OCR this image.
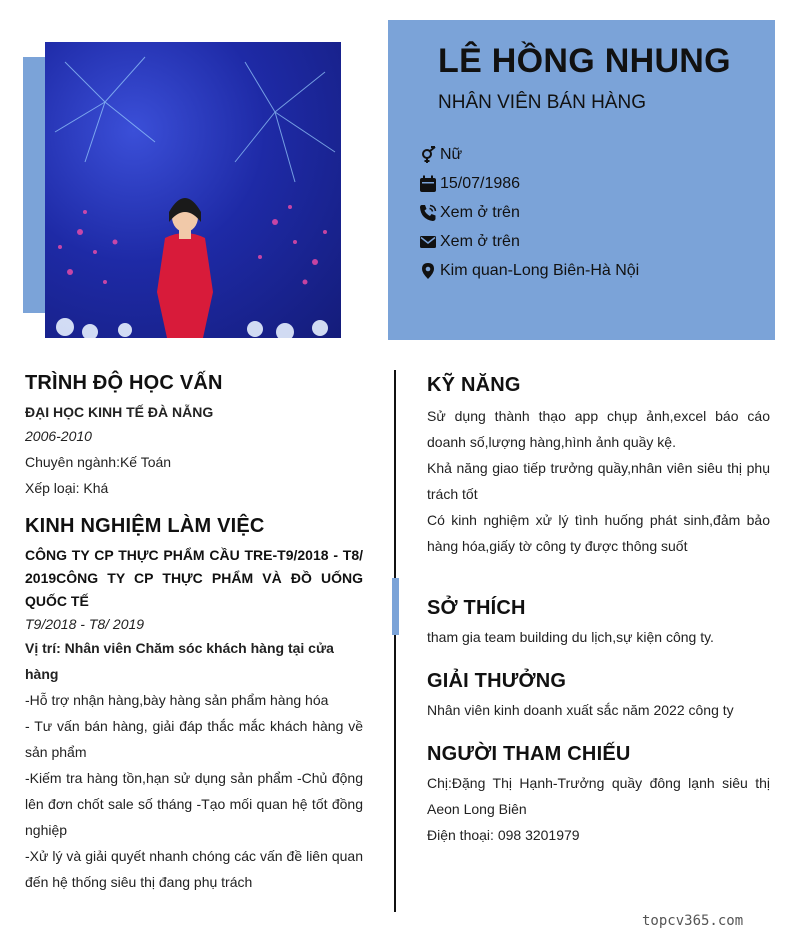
LÊ HỒNG NHUNG
NHÂN VIÊN BÁN HÀNG
Nữ
15/07/1986
Xem ở trên
Xem ở trên
Kim quan-Long Biên-Hà Nội
TRÌNH ĐỘ HỌC VẤN
ĐẠI HỌC KINH TẾ ĐÀ NẴNG
2006-2010
Chuyên ngành:Kế Toán
Xếp loại: Khá
KINH NGHIỆM LÀM VIỆC
CÔNG TY CP THỰC PHẨM CẦU TRE-T9/2018 - T8/ 2019CÔNG TY CP THỰC PHẨM VÀ ĐỒ UỐNG QUỐC TẾ
T9/2018 - T8/ 2019
Vị trí: Nhân viên Chăm sóc khách hàng tại cửa hàng
-Hỗ trợ nhận hàng,bày hàng sản phẩm hàng hóa
- Tư vấn bán hàng, giải đáp thắc mắc khách hàng về sản phẩm
-Kiếm tra hàng tồn,hạn sử dụng sản phẩm -Chủ động lên đơn chốt sale số tháng -Tạo mối quan hệ tốt đồng nghiệp
-Xử lý và giải quyết nhanh chóng các vấn đề liên quan đến hệ thống siêu thị đang phụ trách
KỸ NĂNG
Sử dụng thành thạo app chụp ảnh,excel báo cáo doanh số,lượng hàng,hình ảnh quầy kệ.
Khả năng giao tiếp trưởng quầy,nhân viên siêu thị phụ trách tốt
Có kinh nghiệm xử lý tình huống phát sinh,đảm bảo hàng hóa,giấy tờ công ty được thông suốt
SỞ THÍCH
tham gia team building du lịch,sự kiện công ty.
GIẢI THƯỞNG
Nhân viên kinh doanh xuất sắc năm 2022 công ty
NGƯỜI THAM CHIẾU
Chị:Đặng Thị Hạnh-Trưởng quầy đông lạnh siêu thị Aeon Long Biên
Điện thoại: 098 3201979
topcv365.com
